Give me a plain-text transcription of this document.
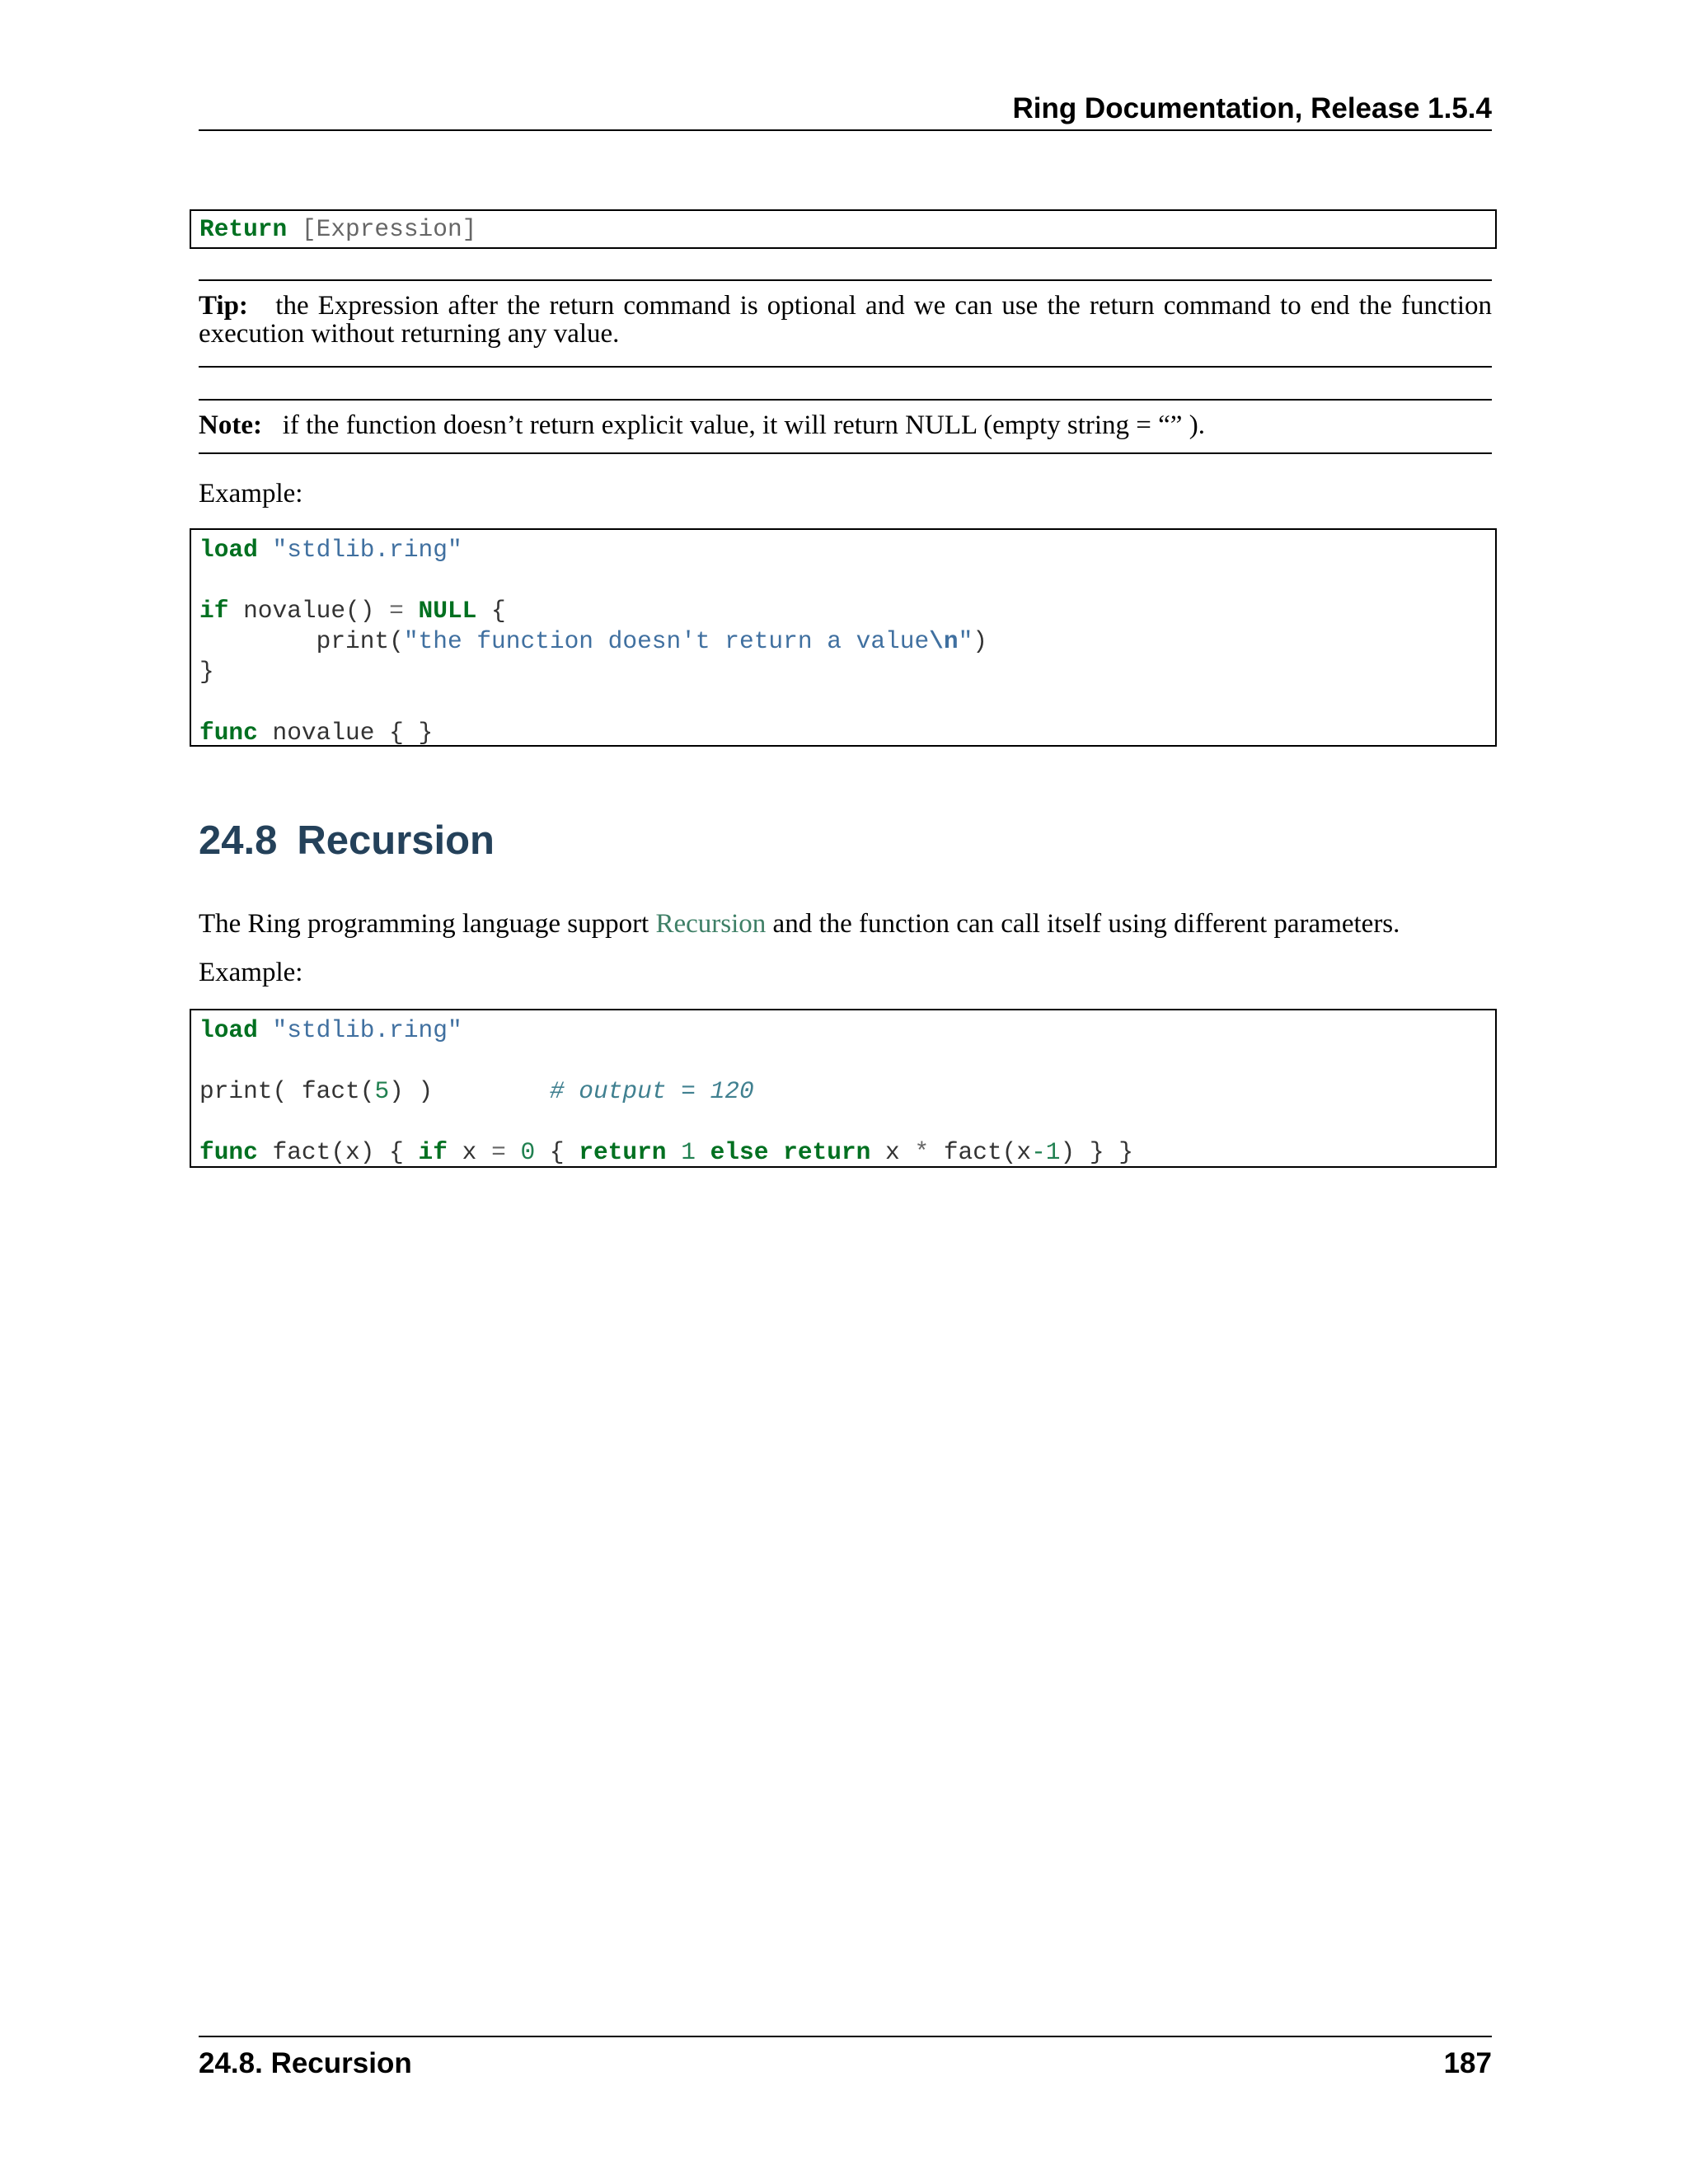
Ring Documentation, Release 1.5.4
Return [Expression]
Tip: the Expression after the return command is optional and we can use the return command to end the function execution without returning any value.
Note: if the function doesn’t return explicit value, it will return NULL (empty string = “” ).
Example:
load "stdlib.ring"

if novalue() = NULL {
print("the function doesn't return a value\n")
}

func novalue { }
24.8 Recursion
The Ring programming language support Recursion and the function can call itself using different parameters.
Example:
load "stdlib.ring"

print( fact(5) )        # output = 120

func fact(x) { if x = 0 { return 1 else return x * fact(x-1) } }
24.8. Recursion	187
